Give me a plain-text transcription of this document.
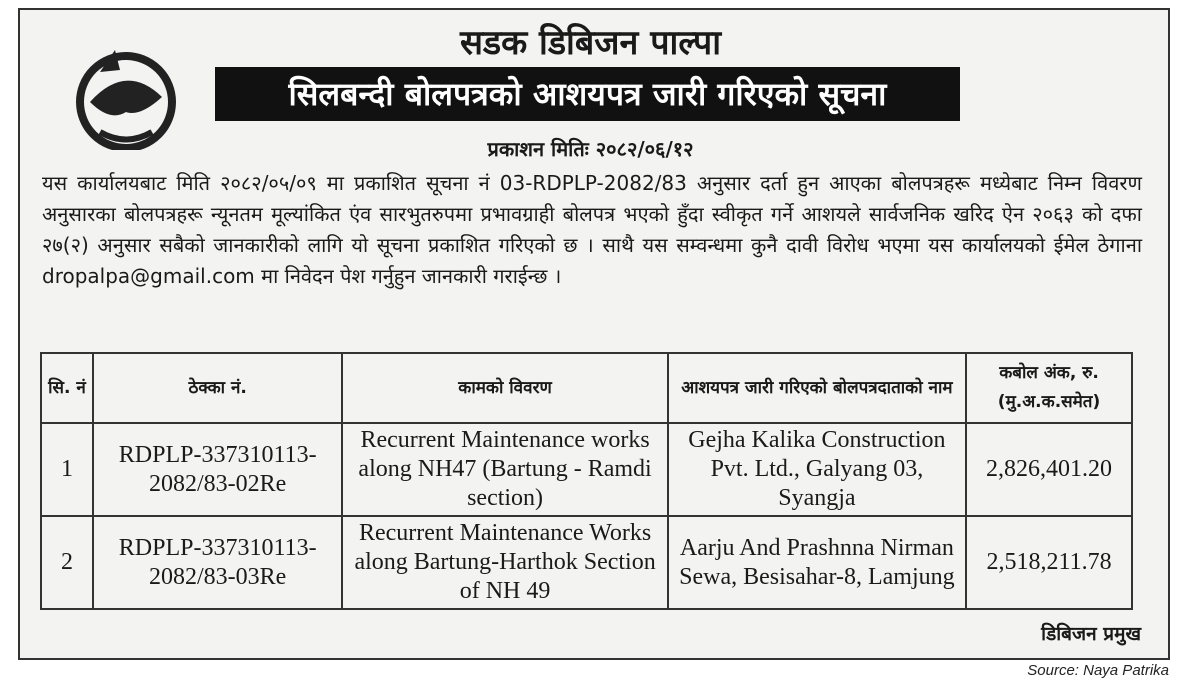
सडक डिबिजन पाल्पा
सिलबन्दी बोलपत्रको आशयपत्र जारी गरिएको सूचना
प्रकाशन मितिः २०८२/०६/१२
यस कार्यालयबाट मिति २०८२/०५/०९ मा प्रकाशित सूचना नं 03-RDPLP-2082/83 अनुसार दर्ता हुन आएका बोलपत्रहरू मध्येबाट निम्न विवरण अनुसारका बोलपत्रहरू न्यूनतम मूल्यांकित एंव सारभुतरुपमा प्रभावग्राही बोलपत्र भएको हुँदा स्वीकृत गर्ने आशयले सार्वजनिक खरिद ऐन २०६३ को दफा २७(२) अनुसार सबैको जानकारीको लागि यो सूचना प्रकाशित गरिएको छ । साथै यस सम्वन्धमा कुनै दावी विरोध भएमा यस कार्यालयको ईमेल ठेगाना dropalpa@gmail.com मा निवेदन पेश गर्नुहुन जानकारी गराईन्छ ।
सि. नं	ठेक्का नं.	कामको विवरण	आशयपत्र जारी गरिएको बोलपत्रदाताको नाम	कबोल अंक, रु. (मु.अ.क.समेत)
1	RDPLP-337310113-2082/83-02Re	Recurrent Maintenance works along NH47 (Bartung - Ramdi section)	Gejha Kalika Construction Pvt. Ltd., Galyang 03, Syangja	2,826,401.20
2	RDPLP-337310113-2082/83-03Re	Recurrent Maintenance Works along Bartung-Harthok Section of NH 49	Aarju And Prashnna Nirman Sewa, Besisahar-8, Lamjung	2,518,211.78
डिबिजन प्रमुख
Source: Naya Patrika
